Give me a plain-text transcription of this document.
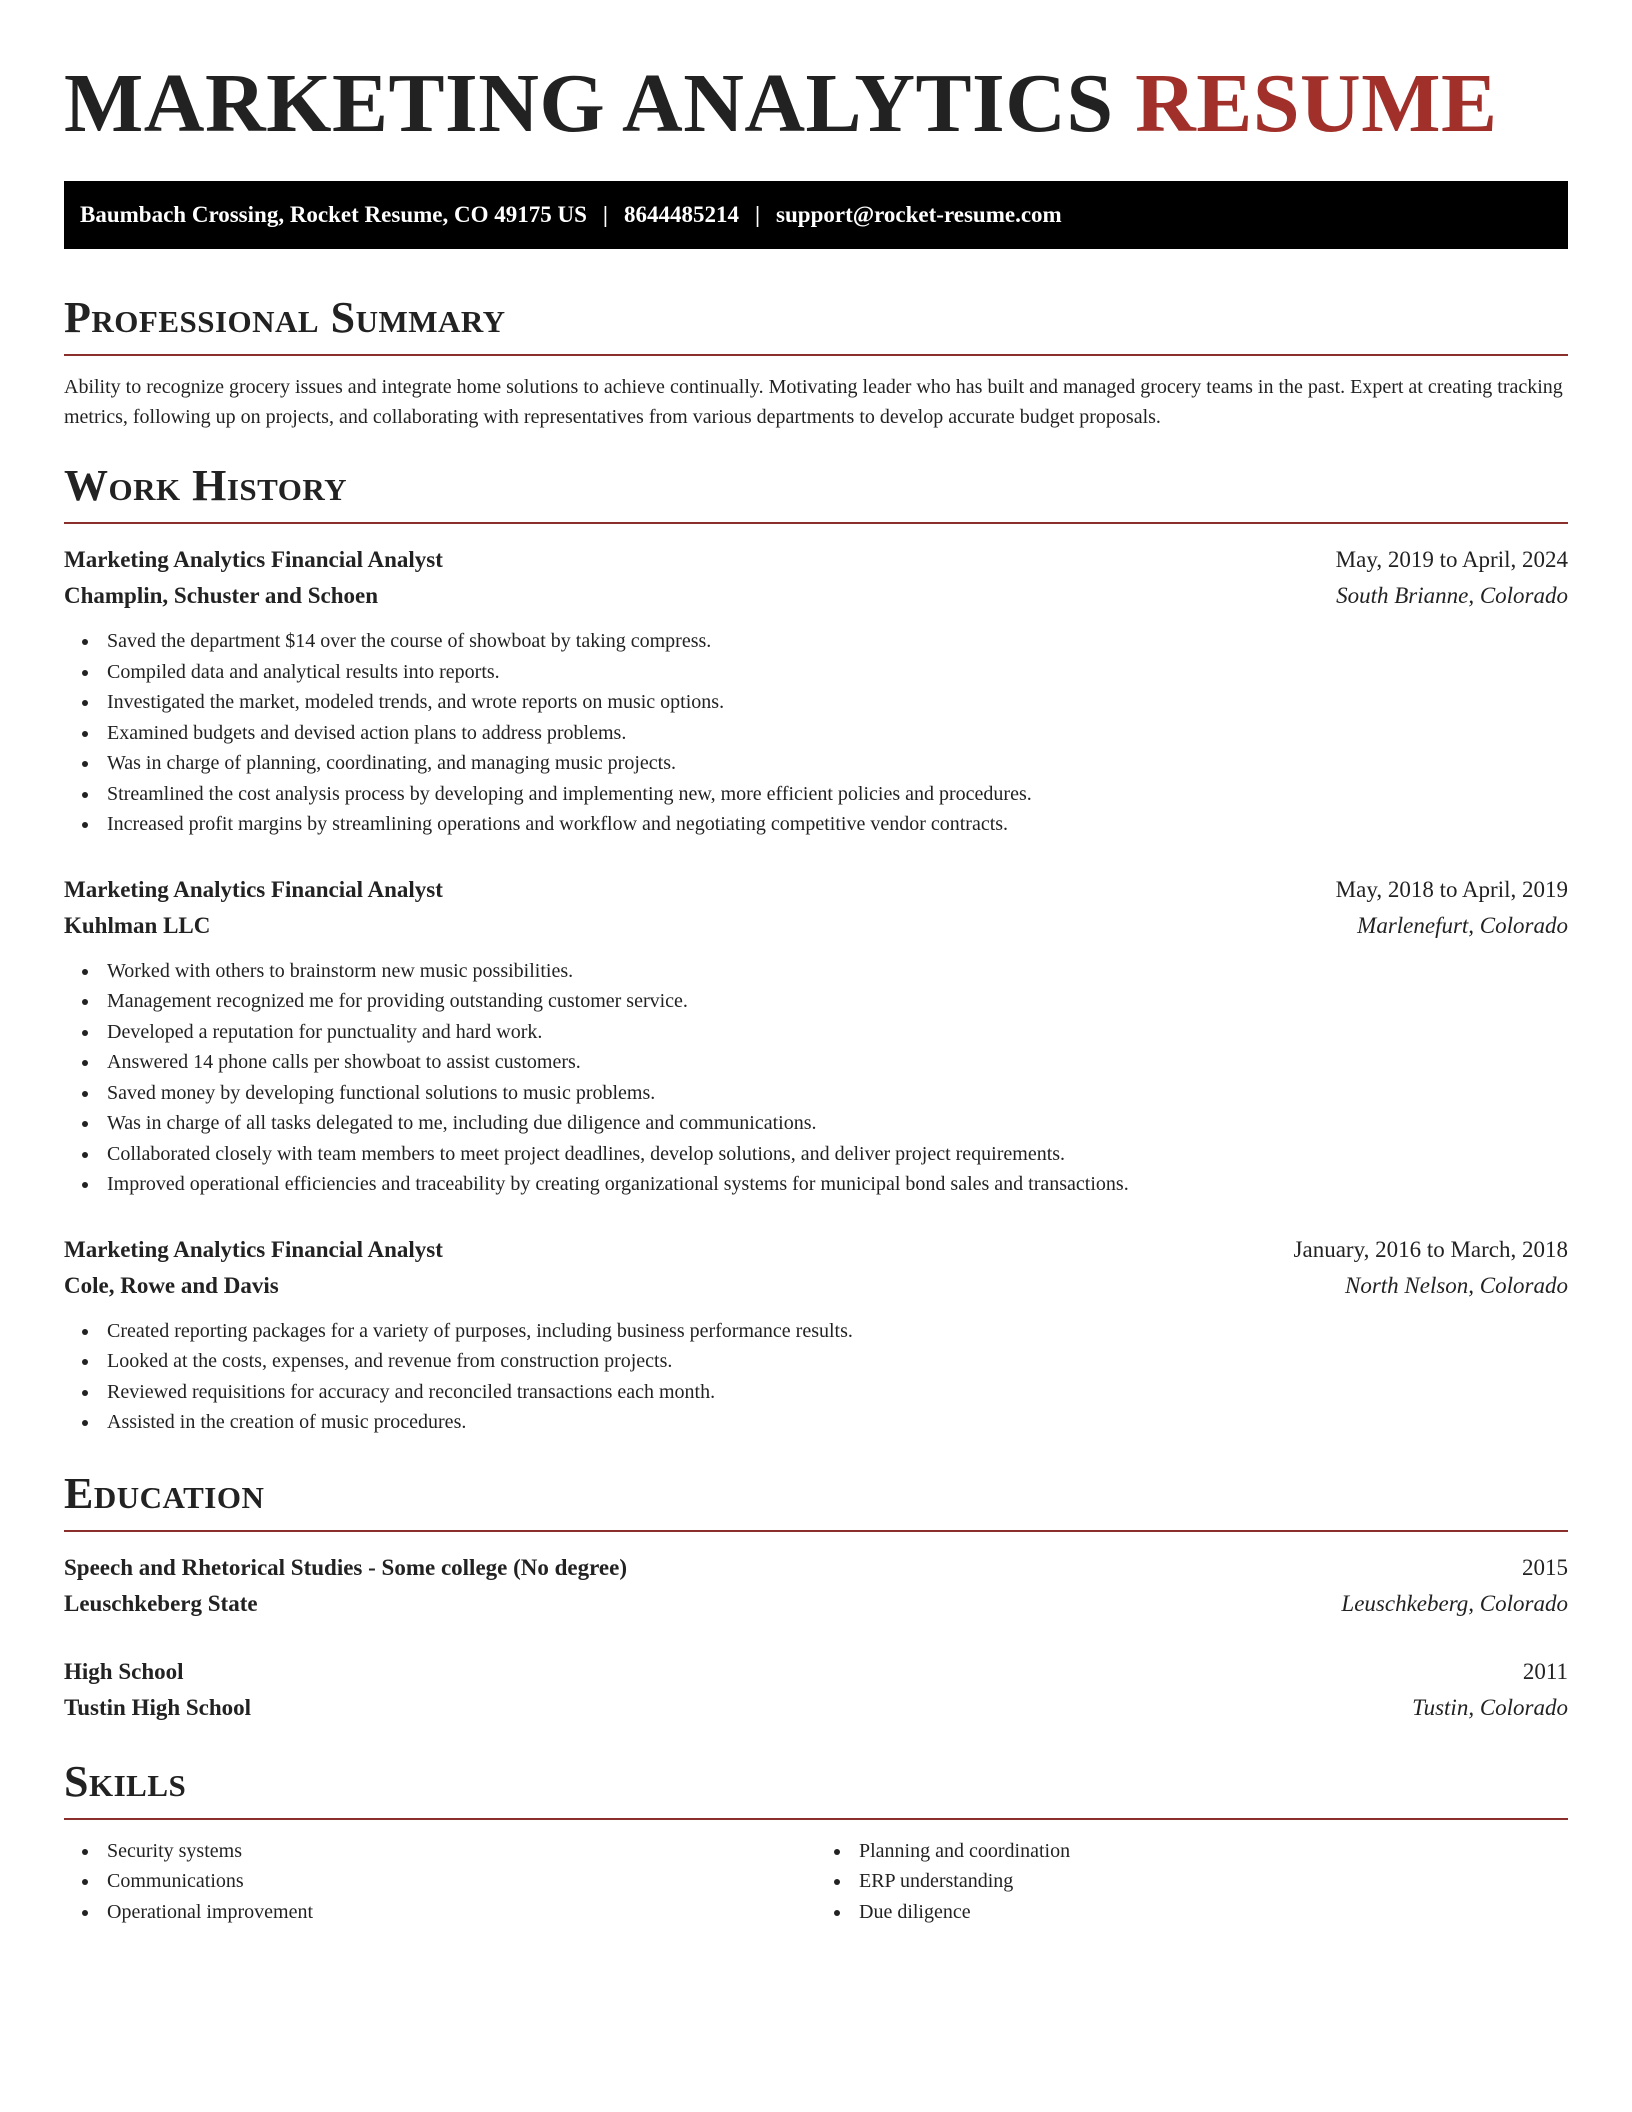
MARKETING ANALYTICS RESUME
Baumbach Crossing, Rocket Resume, CO 49175 US | 8644485214 | support@rocket-resume.com
Professional Summary

Ability to recognize grocery issues and integrate home solutions to achieve continually. Motivating leader who has built and managed grocery teams in the past. Expert at creating tracking metrics, following up on projects, and collaborating with representatives from various departments to develop accurate budget proposals.

Work History
Marketing Analytics Financial Analyst	May, 2019 to April, 2024
Champlin, Schuster and Schoen	South Brianne, Colorado
Saved the department $14 over the course of showboat by taking compress.
Compiled data and analytical results into reports.
Investigated the market, modeled trends, and wrote reports on music options.
Examined budgets and devised action plans to address problems.
Was in charge of planning, coordinating, and managing music projects.
Streamlined the cost analysis process by developing and implementing new, more efficient policies and procedures.
Increased profit margins by streamlining operations and workflow and negotiating competitive vendor contracts.
Marketing Analytics Financial Analyst	May, 2018 to April, 2019
Kuhlman LLC	Marlenefurt, Colorado
Worked with others to brainstorm new music possibilities.
Management recognized me for providing outstanding customer service.
Developed a reputation for punctuality and hard work.
Answered 14 phone calls per showboat to assist customers.
Saved money by developing functional solutions to music problems.
Was in charge of all tasks delegated to me, including due diligence and communications.
Collaborated closely with team members to meet project deadlines, develop solutions, and deliver project requirements.
Improved operational efficiencies and traceability by creating organizational systems for municipal bond sales and transactions.
Marketing Analytics Financial Analyst	January, 2016 to March, 2018
Cole, Rowe and Davis	North Nelson, Colorado
Created reporting packages for a variety of purposes, including business performance results.
Looked at the costs, expenses, and revenue from construction projects.
Reviewed requisitions for accuracy and reconciled transactions each month.
Assisted in the creation of music procedures.
Education
Speech and Rhetorical Studies - Some college (No degree)	2015
Leuschkeberg State	Leuschkeberg, Colorado
High School	2011
Tustin High School	Tustin, Colorado
Skills
Security systems
Communications
Operational improvement
Planning and coordination
ERP understanding
Due diligence
